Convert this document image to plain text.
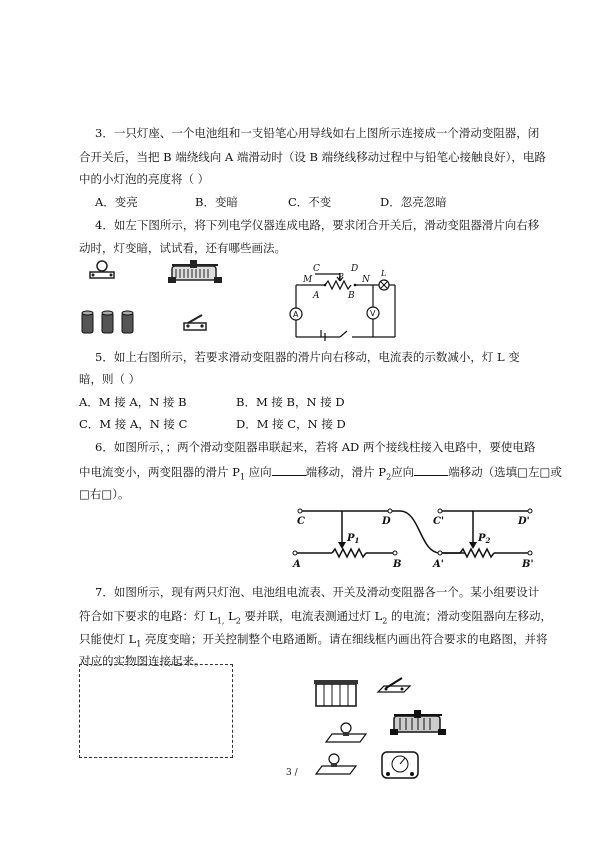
3．一只灯座、一个电池组和一支铅笔心用导线如右上图所示连接成一个滑动变阻器，闭
合开关后，当把 B 端绕线向 A 端滑动时（设 B 端绕线移动过程中与铅笔心接触良好），电路
中的小灯泡的亮度将（ ）
A．变亮	B．变暗	C．不变	D．忽亮忽暗
4．如左下图所示，将下列电学仪器连成电路，要求闭合开关后，滑动变阻器滑片向右移
动时，灯变暗，试试看，还有哪些画法。
C	D
P
M	N
A	B
L
A	V
5．如上右图所示，若要求滑动变阻器的滑片向右移动，电流表的示数减小，灯 L 变
暗，则（ ）
A．M 接 A，N 接 B	B．M 接 B，N 接 D
C．M 接 A，N 接 C	D．M 接 C，N 接 D
6．如图所示，；两个滑动变阻器串联起来，若将 AD 两个接线柱接入电路中，要使电路
中电流变小，两变阻器的滑片 $P_1$ 应向	端移动，滑片 $P_2$应向	端移动（选填□左□或
□右□）。
C	D	C'	D'
A	B	A'	B'
$P_1$	$P_2$
7．如图所示，现有两只灯泡、电池组电流表、开关及滑动变阻器各一个。某小组要设计
符合如下要求的电路：灯 $L_{1,}$ $L_2$ 要并联，电流表测通过灯 $L_2$ 的电流；滑动变阻器向左移动，
只能使灯 $L_1$ 亮度变暗；开关控制整个电路通断。请在细线框内画出符合要求的电路图，并将
对应的实物图连接起来。
3 /
